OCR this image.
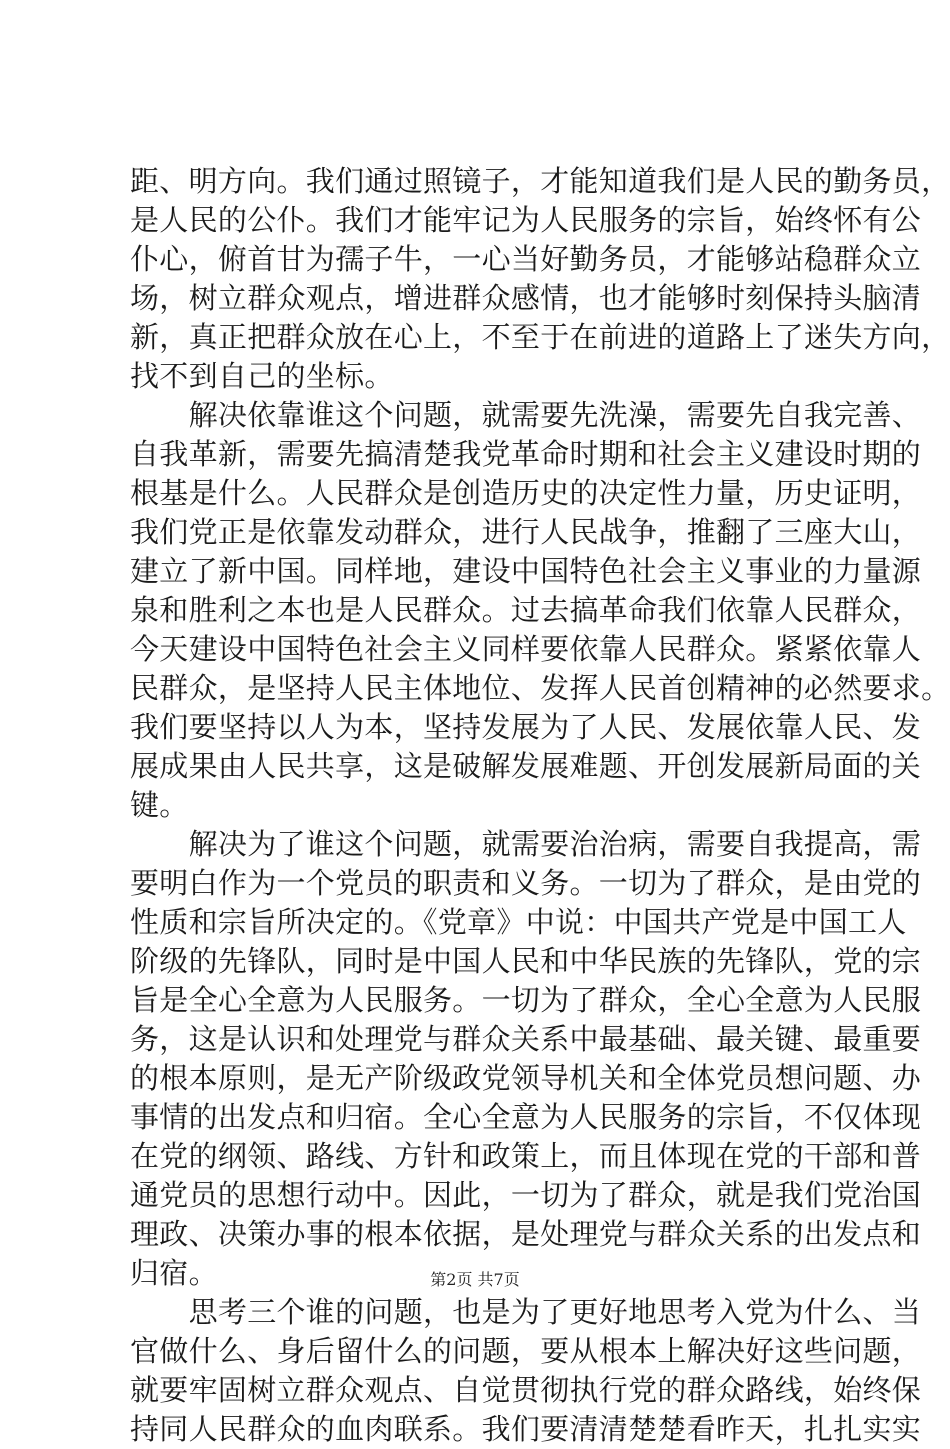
距、明方向。我们通过照镜子，才能知道我们是人民的勤务员，
是人民的公仆。我们才能牢记为人民服务的宗旨，始终怀有公
仆心，俯首甘为孺子牛，一心当好勤务员，才能够站稳群众立
场，树立群众观点，增进群众感情，也才能够时刻保持头脑清
新，真正把群众放在心上，不至于在前进的道路上了迷失方向，
找不到自己的坐标。
　　解决依靠谁这个问题，就需要先洗澡，需要先自我完善、
自我革新，需要先搞清楚我党革命时期和社会主义建设时期的
根基是什么。人民群众是创造历史的决定性力量，历史证明，
我们党正是依靠发动群众，进行人民战争，推翻了三座大山，
建立了新中国。同样地，建设中国特色社会主义事业的力量源
泉和胜利之本也是人民群众。过去搞革命我们依靠人民群众，
今天建设中国特色社会主义同样要依靠人民群众。紧紧依靠人
民群众，是坚持人民主体地位、发挥人民首创精神的必然要求。
我们要坚持以人为本，坚持发展为了人民、发展依靠人民、发
展成果由人民共享，这是破解发展难题、开创发展新局面的关
键。
　　解决为了谁这个问题，就需要治治病，需要自我提高，需
要明白作为一个党员的职责和义务。一切为了群众，是由党的
性质和宗旨所决定的。《党章》中说：中国共产党是中国工人
阶级的先锋队，同时是中国人民和中华民族的先锋队，党的宗
旨是全心全意为人民服务。一切为了群众，全心全意为人民服
务，这是认识和处理党与群众关系中最基础、最关键、最重要
的根本原则，是无产阶级政党领导机关和全体党员想问题、办
事情的出发点和归宿。全心全意为人民服务的宗旨，不仅体现
在党的纲领、路线、方针和政策上，而且体现在党的干部和普
通党员的思想行动中。因此，一切为了群众，就是我们党治国
理政、决策办事的根本依据，是处理党与群众关系的出发点和
归宿。
　　思考三个谁的问题，也是为了更好地思考入党为什么、当
官做什么、身后留什么的问题，要从根本上解决好这些问题，
就要牢固树立群众观点、自觉贯彻执行党的群众路线，始终保
持同人民群众的血肉联系。我们要清清楚楚看昨天，扎扎实实
第2页 共7页
